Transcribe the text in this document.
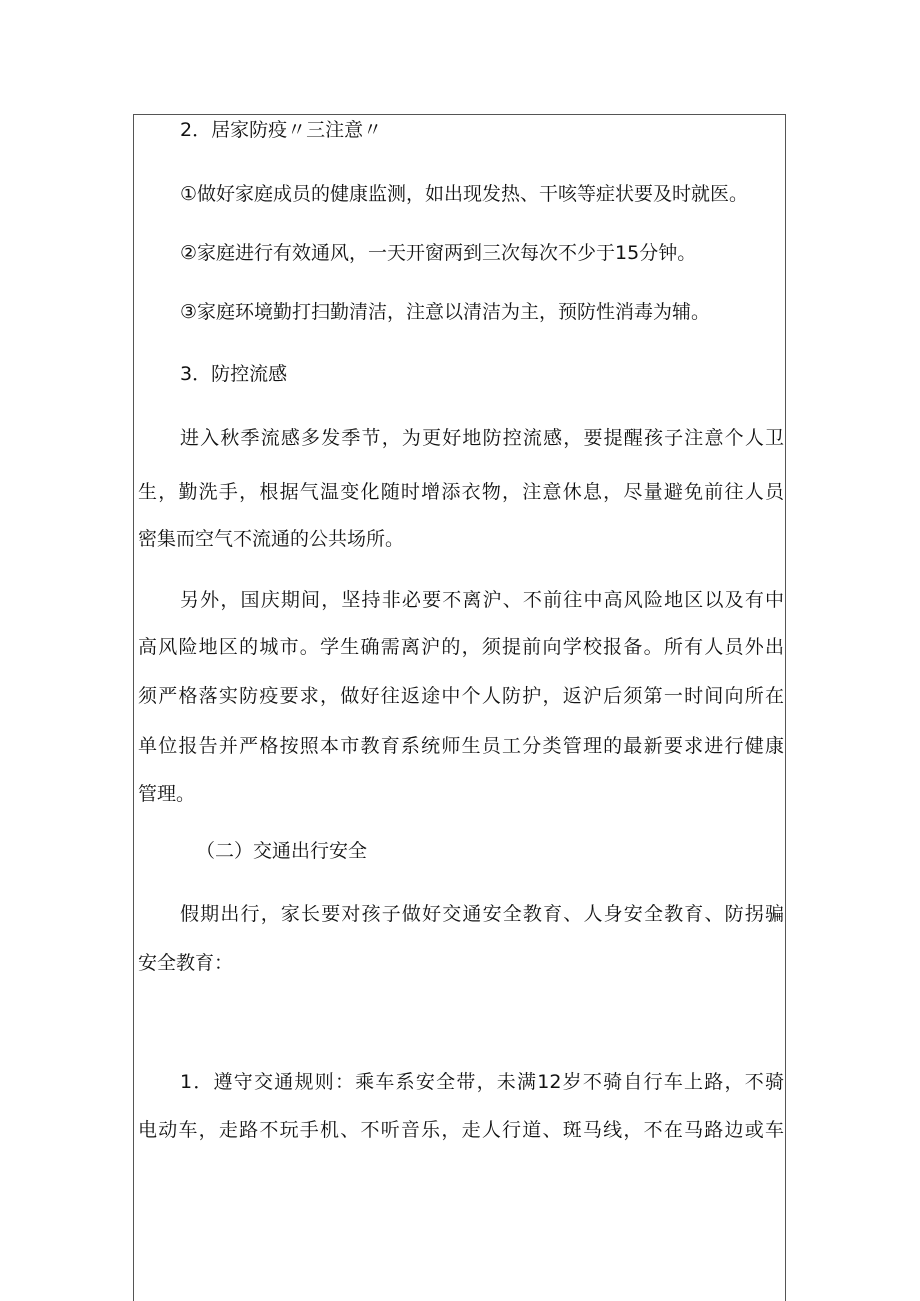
2．居家防疫〃三注意〃
①做好家庭成员的健康监测，如出现发热、干咳等症状要及时就医。
②家庭进行有效通风，一天开窗两到三次每次不少于15分钟。
③家庭环境勤打扫勤清洁，注意以清洁为主，预防性消毒为辅。
3．防控流感
进入秋季流感多发季节，为更好地防控流感，要提醒孩子注意个人卫
生，勤洗手，根据气温变化随时增添衣物，注意休息，尽量避免前往人员
密集而空气不流通的公共场所。
另外，国庆期间，坚持非必要不离沪、不前往中高风险地区以及有中
高风险地区的城市。学生确需离沪的，须提前向学校报备。所有人员外出
须严格落实防疫要求，做好往返途中个人防护，返沪后须第一时间向所在
单位报告并严格按照本市教育系统师生员工分类管理的最新要求进行健康
管理。
（二）交通出行安全
假期出行，家长要对孩子做好交通安全教育、人身安全教育、防拐骗
安全教育：
1．遵守交通规则：乘车系安全带，未满12岁不骑自行车上路，不骑
电动车，走路不玩手机、不听音乐，走人行道、斑马线，不在马路边或车
